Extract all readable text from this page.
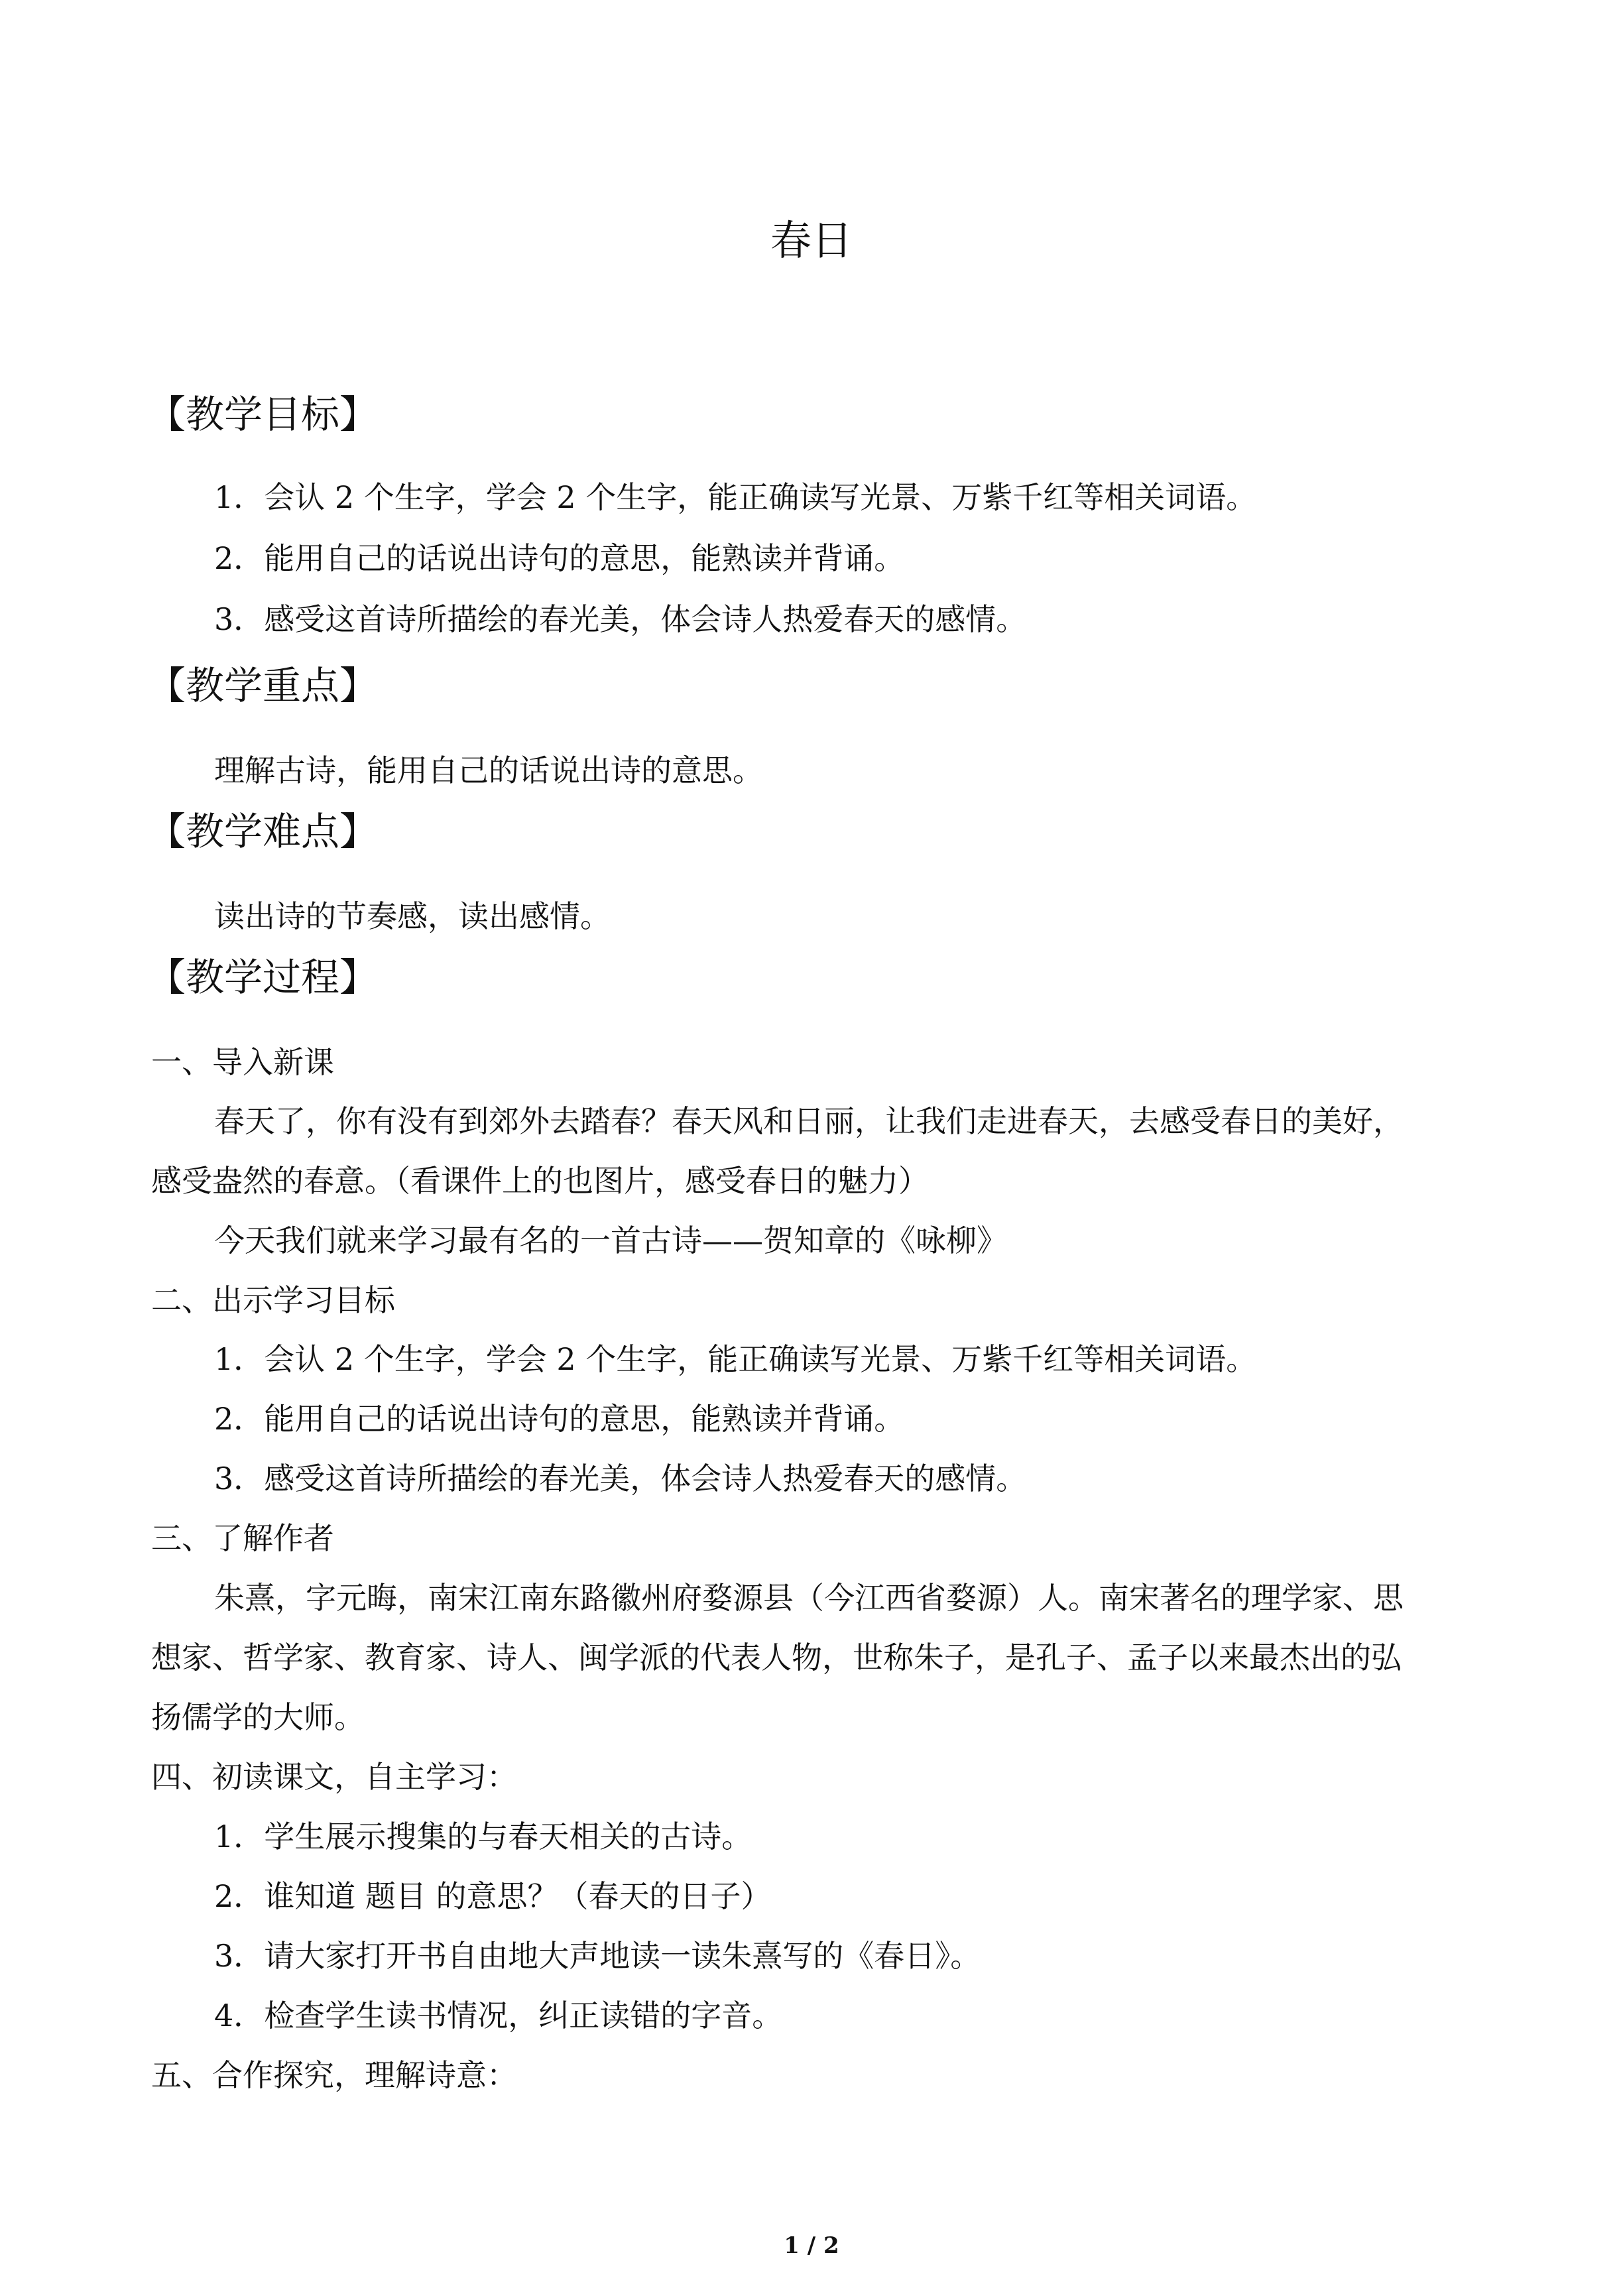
春日
【教学目标】
1．会认 2 个生字，学会 2 个生字，能正确读写光景、万紫千红等相关词语。
2．能用自己的话说出诗句的意思，能熟读并背诵。
3．感受这首诗所描绘的春光美，体会诗人热爱春天的感情。
【教学重点】
理解古诗，能用自己的话说出诗的意思。
【教学难点】
读出诗的节奏感，读出感情。
【教学过程】
一、导入新课
春天了，你有没有到郊外去踏春？春天风和日丽，让我们走进春天，去感受春日的美好，
感受盎然的春意。（看课件上的也图片，感受春日的魅力）
今天我们就来学习最有名的一首古诗——贺知章的《咏柳》
二、出示学习目标
1．会认 2 个生字，学会 2 个生字，能正确读写光景、万紫千红等相关词语。
2．能用自己的话说出诗句的意思，能熟读并背诵。
3．感受这首诗所描绘的春光美，体会诗人热爱春天的感情。
三、了解作者
朱熹，字元晦，南宋江南东路徽州府婺源县（今江西省婺源）人。南宋著名的理学家、思
想家、哲学家、教育家、诗人、闽学派的代表人物，世称朱子，是孔子、孟子以来最杰出的弘
扬儒学的大师。
四、初读课文，自主学习：
1．学生展示搜集的与春天相关的古诗。
2．谁知道 题目 的意思？（春天的日子）
3．请大家打开书自由地大声地读一读朱熹写的《春日》。
4．检查学生读书情况，纠正读错的字音。
五、合作探究，理解诗意：
1 / 2
